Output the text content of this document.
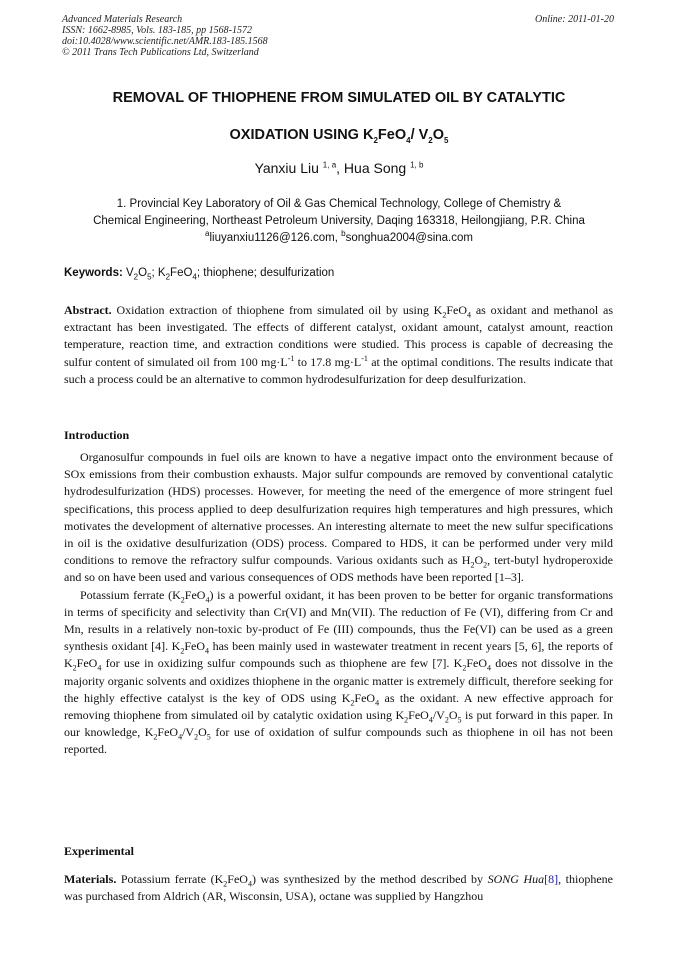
Advanced Materials Research
ISSN: 1662-8985, Vols. 183-185, pp 1568-1572
doi:10.4028/www.scientific.net/AMR.183-185.1568
© 2011 Trans Tech Publications Ltd, Switzerland
Online: 2011-01-20
REMOVAL OF THIOPHENE FROM SIMULATED OIL BY CATALYTIC
OXIDATION USING $K_2FeO_4/$ $V_2O_5$
Yanxiu Liu $^{1, a}$, Hua Song $^{1, b}$
1. Provincial Key Laboratory of Oil & Gas Chemical Technology, College of Chemistry &
Chemical Engineering, Northeast Petroleum University, Daqing 163318, Heilongjiang, P.R. China
$^a$liuyanxiu1126@126.com, $^b$songhua2004@sina.com
Keywords: $V_2O_5$; $K_2FeO_4$; thiophene; desulfurization

Abstract. Oxidation extraction of thiophene from simulated oil by using $K_2FeO_4$ as oxidant and methanol as extractant has been investigated. The effects of different catalyst, oxidant amount, catalyst amount, reaction temperature, reaction time, and extraction conditions were studied. This process is capable of decreasing the sulfur content of simulated oil from 100 $mg\cdot L^{-1}$ to 17.8 $mg\cdot L^{-1}$ at the optimal conditions. The results indicate that such a process could be an alternative to common hydrodesulfurization for deep desulfurization.

Introduction

Organosulfur compounds in fuel oils are known to have a negative impact onto the environment because of SOx emissions from their combustion exhausts. Major sulfur compounds are removed by conventional catalytic hydrodesulfurization (HDS) processes. However, for meeting the need of the emergence of more stringent fuel specifications, this process applied to deep desulfurization requires high temperatures and high pressures, which motivates the development of alternative processes. An interesting alternate to meet the new sulfur specifications in oil is the oxidative desulfurization (ODS) process. Compared to HDS, it can be performed under very mild conditions to remove the refractory sulfur compounds. Various oxidants such as $H_2O_2$, tert-butyl hydroperoxide and so on have been used and various consequences of ODS methods have been reported [1–3].

Potassium ferrate $(K_2FeO_4)$ is a powerful oxidant, it has been proven to be better for organic transformations in terms of specificity and selectivity than Cr(VI) and Mn(VII). The reduction of Fe (VI), differing from Cr and Mn, results in a relatively non-toxic by-product of Fe (III) compounds, thus the Fe(VI) can be used as a green synthesis oxidant [4]. $K_2FeO_4$ has been mainly used in wastewater treatment in recent years [5, 6], the reports of $K_2FeO_4$ for use in oxidizing sulfur compounds such as thiophene are few [7]. $K_2FeO_4$ does not dissolve in the majority organic solvents and oxidizes thiophene in the organic matter is extremely difficult, therefore seeking for the highly effective catalyst is the key of ODS using $K_2FeO_4$ as the oxidant. A new effective approach for removing thiophene from simulated oil by catalytic oxidation using $K_2FeO_4/V_2O_5$ is put forward in this paper. In our knowledge, $K_2FeO_4/V_2O_5$ for use of oxidation of sulfur compounds such as thiophene in oil has not been reported.

Experimental

Materials. Potassium ferrate $(K_2FeO_4)$ was synthesized by the method described by SONG Hua[8], thiophene was purchased from Aldrich (AR, Wisconsin, USA), octane was supplied by Hangzhou
